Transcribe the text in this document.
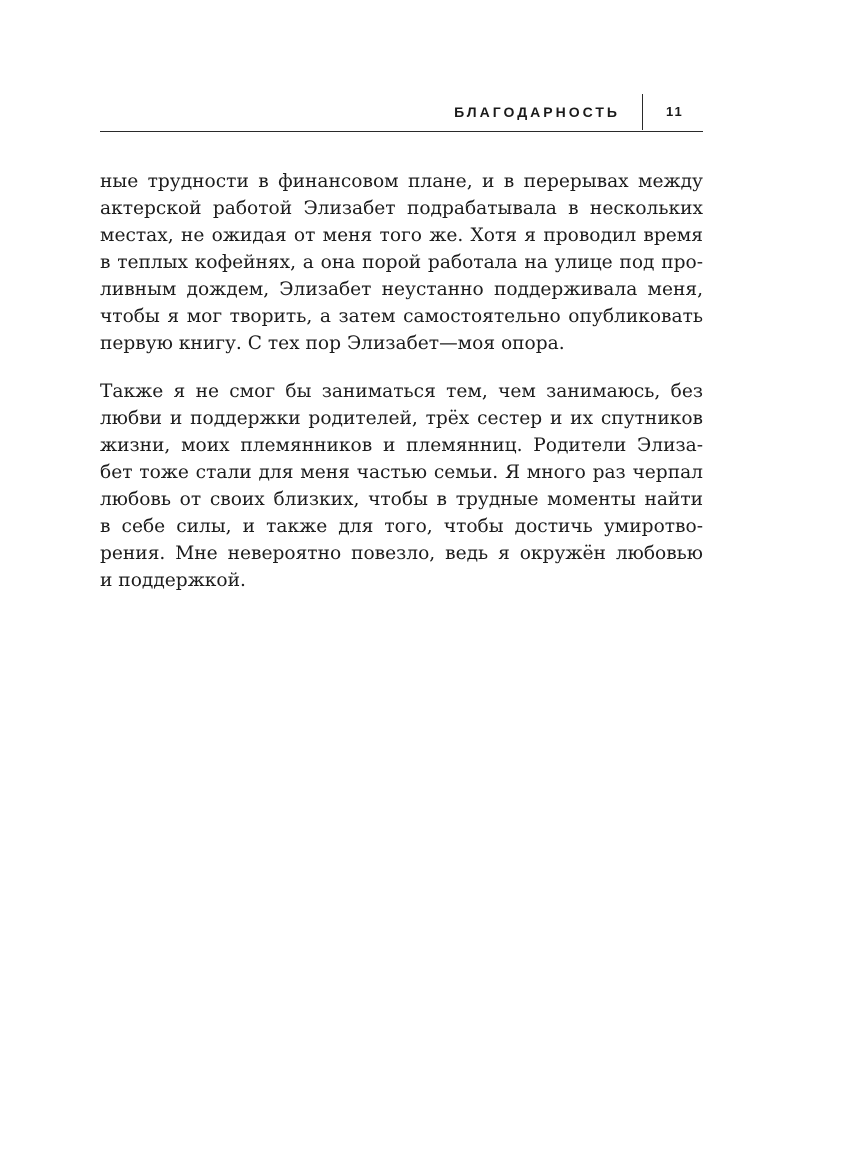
БЛАГОДАРНОСТЬ	11

ные трудности в финансовом плане, и в перерывах между
актерской работой Элизабет подрабатывала в нескольких
местах, не ожидая от меня того же. Хотя я проводил время
в теплых кофейнях, а она порой работала на улице под про-
ливным дождем, Элизабет неустанно поддерживала меня,
чтобы я мог творить, а затем самостоятельно опубликовать
первую книгу. С тех пор Элизабет—моя опора.

Также я не смог бы заниматься тем, чем занимаюсь, без
любви и поддержки родителей, трёх сестер и их спутников
жизни, моих племянников и племянниц. Родители Элиза-
бет тоже стали для меня частью семьи. Я много раз черпал
любовь от своих близких, чтобы в трудные моменты найти
в себе силы, и также для того, чтобы достичь умиротво-
рения. Мне невероятно повезло, ведь я окружён любовью
и поддержкой.
